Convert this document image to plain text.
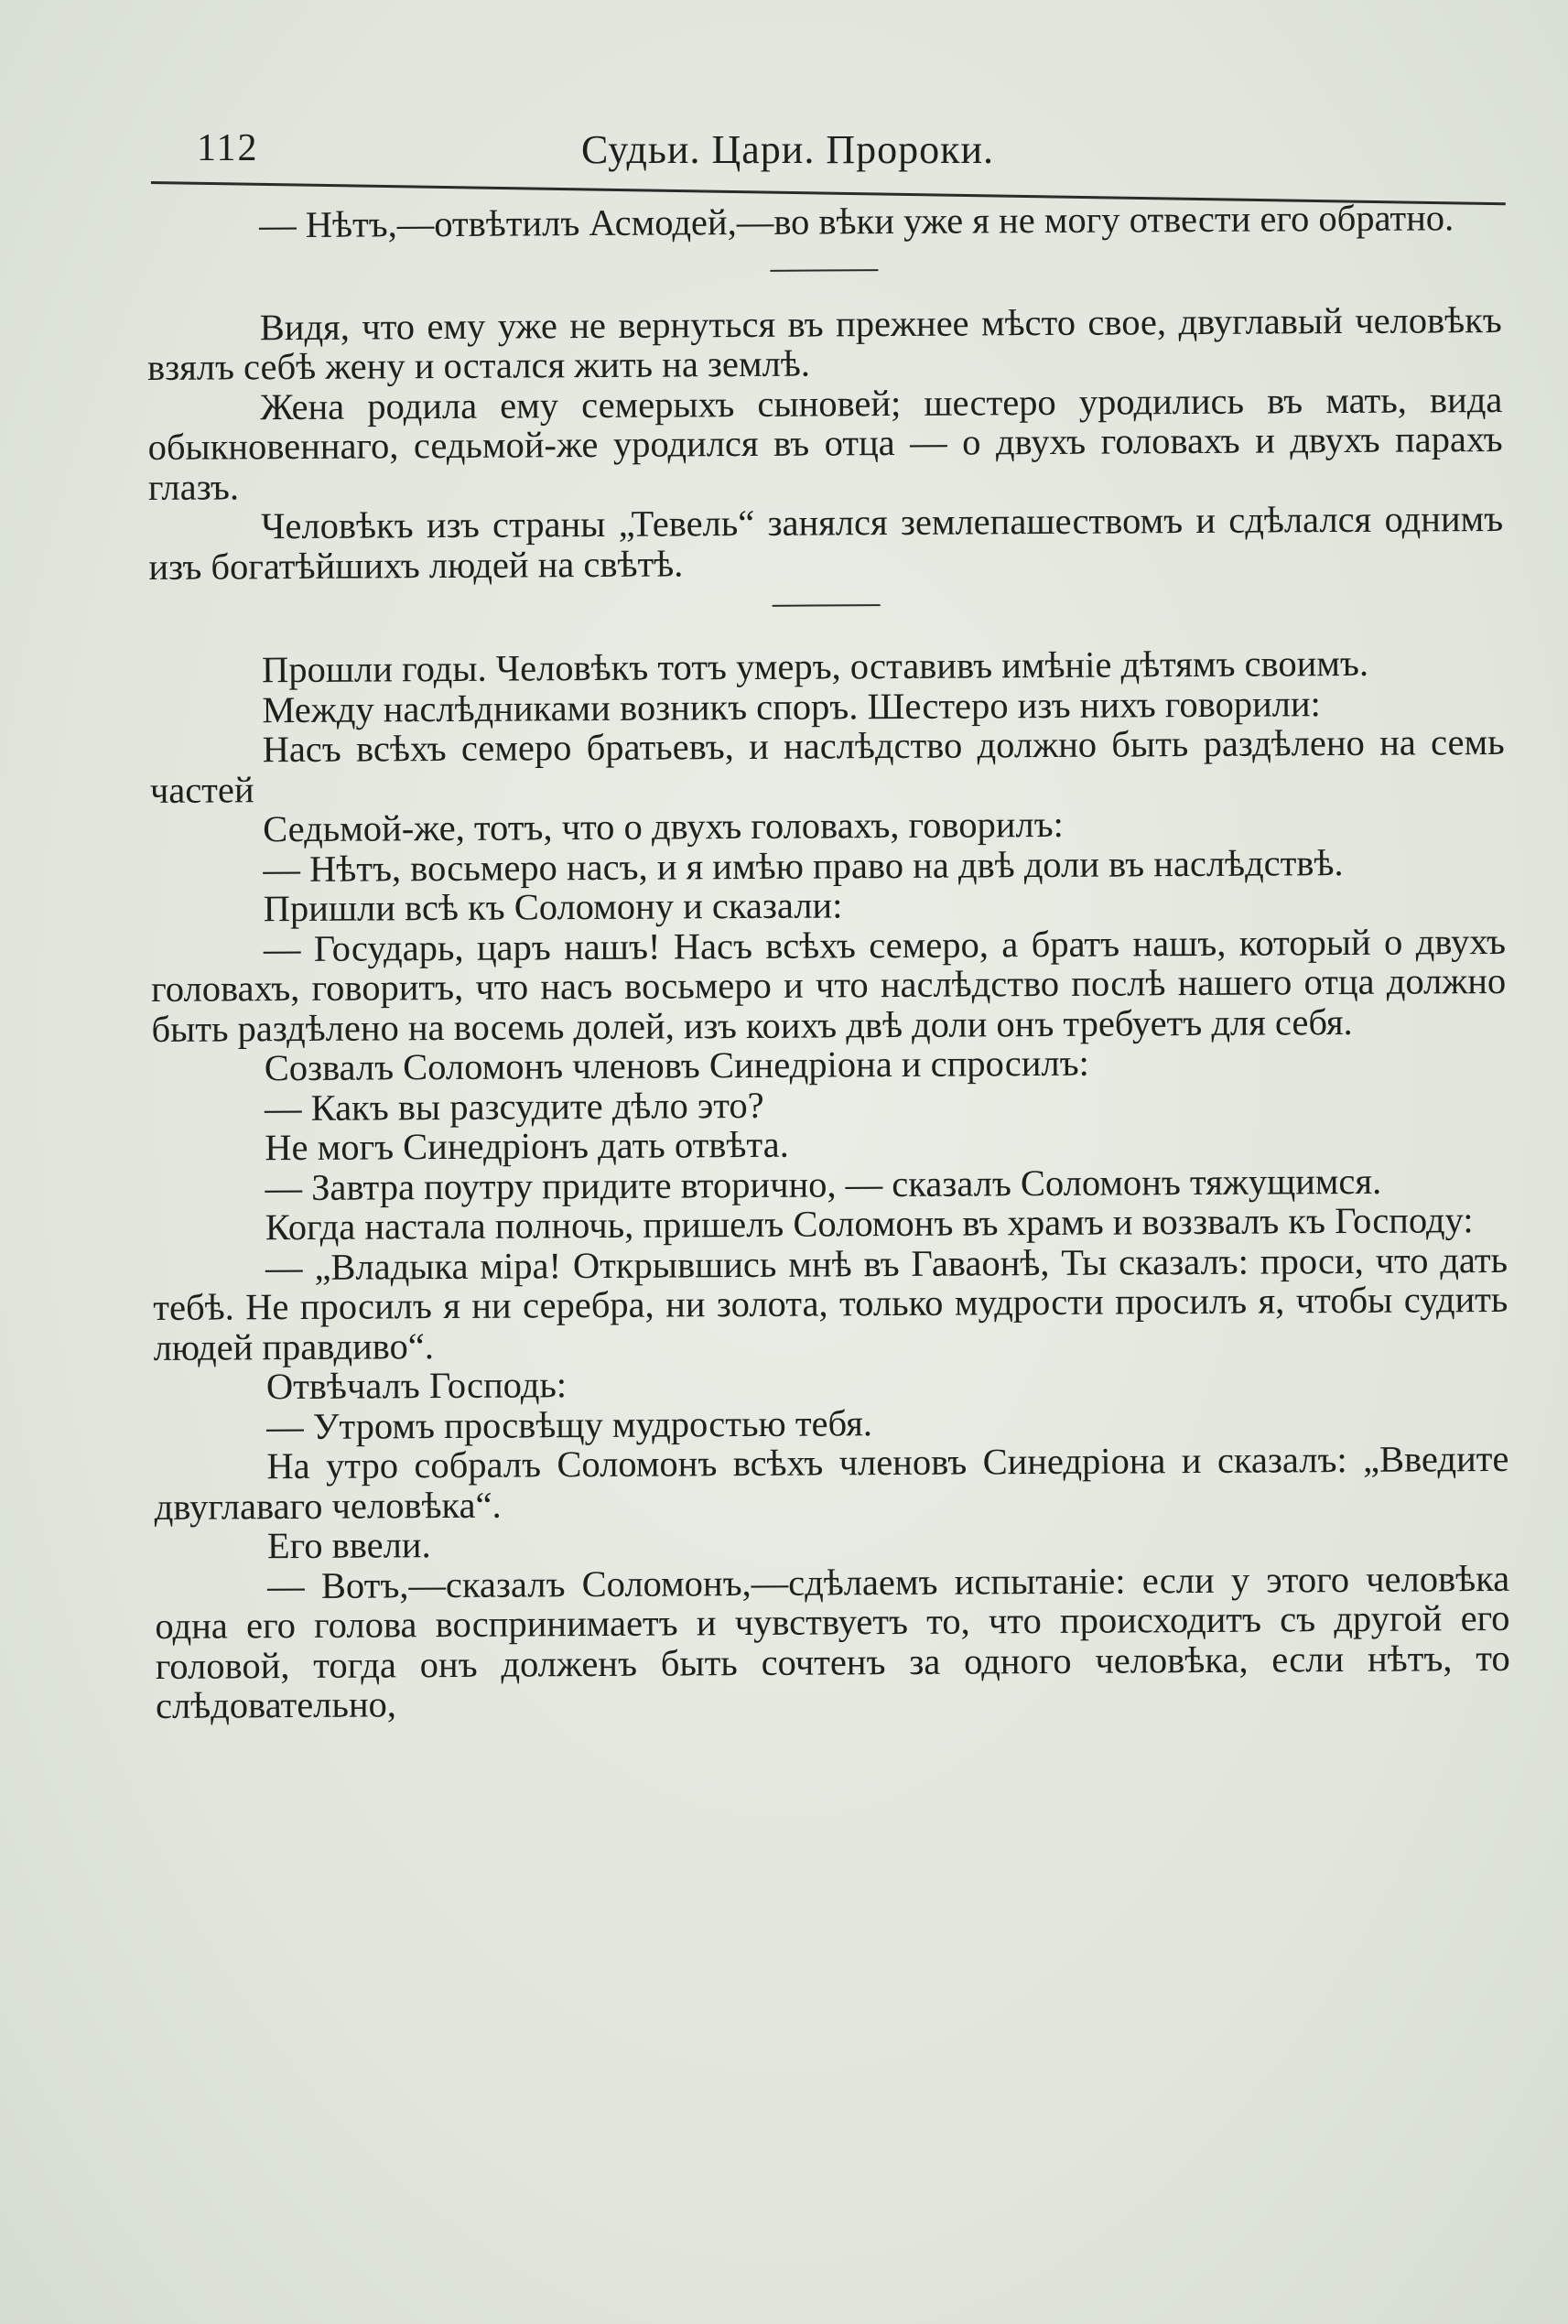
112	Судьи. Цари. Пророки.

— Нѣтъ,—отвѣтилъ Асмодей,—во вѣки уже я не могу отвести его обратно.

Видя, что ему уже не вернуться въ прежнее мѣсто свое, двуглавый человѣкъ взялъ себѣ жену и остался жить на землѣ.

Жена родила ему семерыхъ сыновей; шестеро уродились въ мать, вида обыкновеннаго, седьмой-же уродился въ отца — о двухъ головахъ и двухъ парахъ глазъ.

Человѣкъ изъ страны „Тевель“ занялся землепашествомъ и сдѣлался однимъ изъ богатѣйшихъ людей на свѣтѣ.

Прошли годы. Человѣкъ тотъ умеръ, оставивъ имѣніе дѣтямъ своимъ.

Между наслѣдниками возникъ споръ. Шестеро изъ нихъ говорили:

Насъ всѣхъ семеро братьевъ, и наслѣдство должно быть раздѣлено на семь частей

Седьмой-же, тотъ, что о двухъ головахъ, говорилъ:

— Нѣтъ, восьмеро насъ, и я имѣю право на двѣ доли въ наслѣдствѣ.

Пришли всѣ къ Соломону и сказали:

— Государь, царъ нашъ! Насъ всѣхъ семеро, а братъ нашъ, который о двухъ головахъ, говоритъ, что насъ восьмеро и что наслѣдство послѣ нашего отца должно быть раздѣлено на восемь долей, изъ коихъ двѣ доли онъ требуетъ для себя.

Созвалъ Соломонъ членовъ Синедріона и спросилъ:

— Какъ вы разсудите дѣло это?

Не могъ Синедріонъ дать отвѣта.

— Завтра поутру придите вторично, — сказалъ Соломонъ тяжущимся.

Когда настала полночь, пришелъ Соломонъ въ храмъ и воззвалъ къ Господу:

— „Владыка міра! Открывшись мнѣ въ Гаваонѣ, Ты сказалъ: проси, что дать тебѣ. Не просилъ я ни серебра, ни золота, только мудрости просилъ я, чтобы судить людей правдиво“.

Отвѣчалъ Господь:

— Утромъ просвѣщу мудростью тебя.

На утро собралъ Соломонъ всѣхъ членовъ Синедріона и сказалъ: „Введите двуглаваго человѣка“.

Его ввели.

— Вотъ,—сказалъ Соломонъ,—сдѣлаемъ испытаніе: если у этого человѣка одна его голова воспринимаетъ и чувствуетъ то, что происходитъ съ другой его головой, тогда онъ долженъ быть сочтенъ за одного человѣка, если нѣтъ, то слѣдовательно,
